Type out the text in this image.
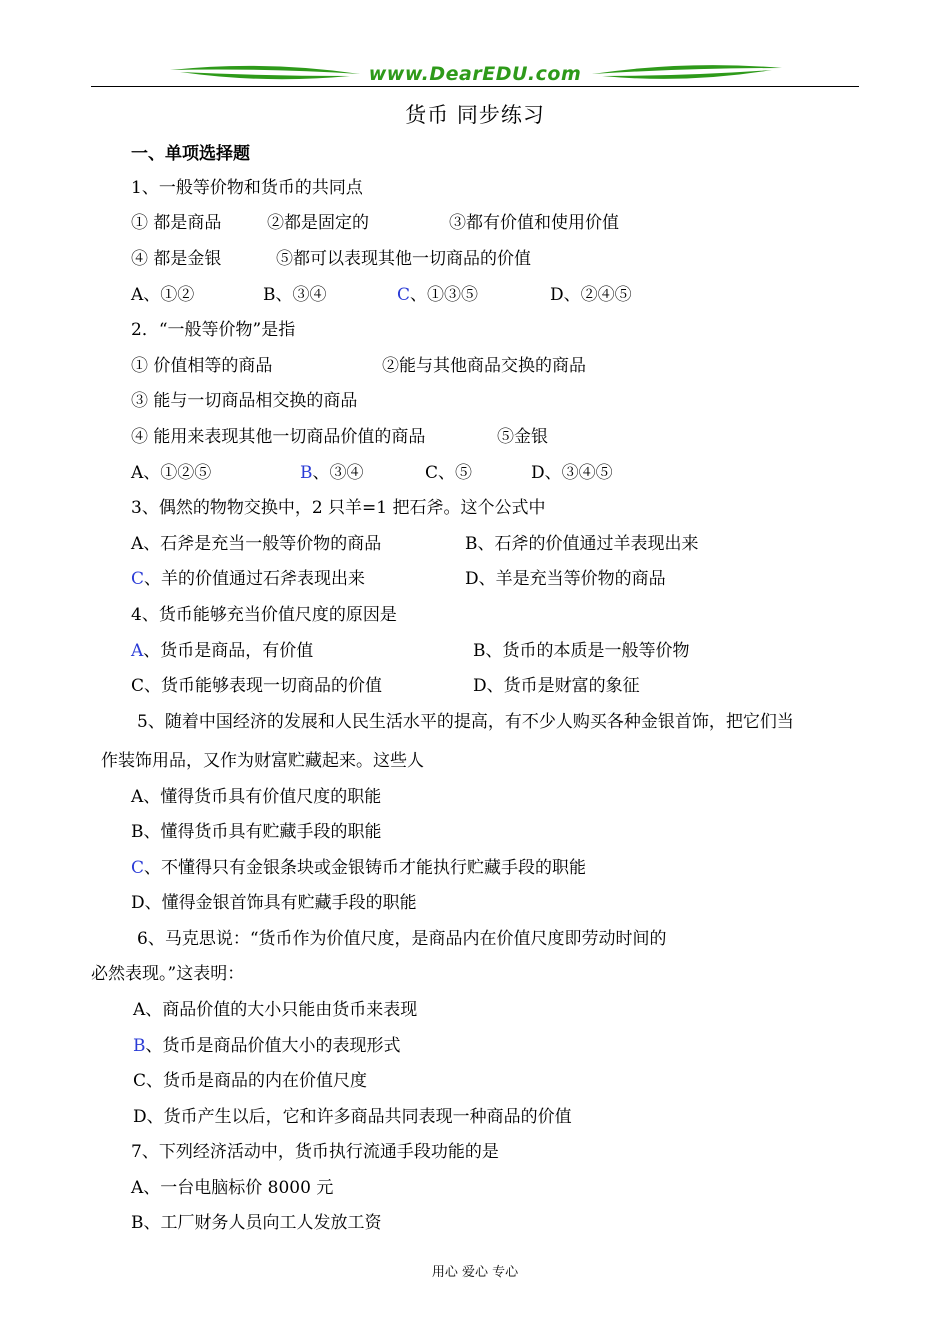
www.DearEDU.com
货币 同步练习
一、单项选择题
1、一般等价物和货币的共同点
① 都是商品	②都是固定的	③都有价值和使用价值
④ 都是金银	⑤都可以表现其他一切商品的价值
A、①②	B、③④	C、①③⑤	D、②④⑤
2．“一般等价物”是指
① 价值相等的商品	②能与其他商品交换的商品
③ 能与一切商品相交换的商品
④ 能用来表现其他一切商品价值的商品	⑤金银
A、①②⑤	B、③④	C、⑤	D、③④⑤
3、偶然的物物交换中，2 只羊=1 把石斧。这个公式中
A、石斧是充当一般等价物的商品	B、石斧的价值通过羊表现出来
C、羊的价值通过石斧表现出来	D、羊是充当等价物的商品
4、货币能够充当价值尺度的原因是
A、货币是商品，有价值	B、货币的本质是一般等价物
C、货币能够表现一切商品的价值	D、货币是财富的象征
5、随着中国经济的发展和人民生活水平的提高，有不少人购买各种金银首饰，把它们当
作装饰用品，又作为财富贮藏起来。这些人
A、懂得货币具有价值尺度的职能
B、懂得货币具有贮藏手段的职能
C、不懂得只有金银条块或金银铸币才能执行贮藏手段的职能
D、懂得金银首饰具有贮藏手段的职能
6、马克思说：“货币作为价值尺度，是商品内在价值尺度即劳动时间的
必然表现。”这表明：
A、商品价值的大小只能由货币来表现
B、货币是商品价值大小的表现形式
C、货币是商品的内在价值尺度
D、货币产生以后，它和许多商品共同表现一种商品的价值
7、下列经济活动中，货币执行流通手段功能的是
A、一台电脑标价 8000 元
B、工厂财务人员向工人发放工资
用心 爱心 专心
